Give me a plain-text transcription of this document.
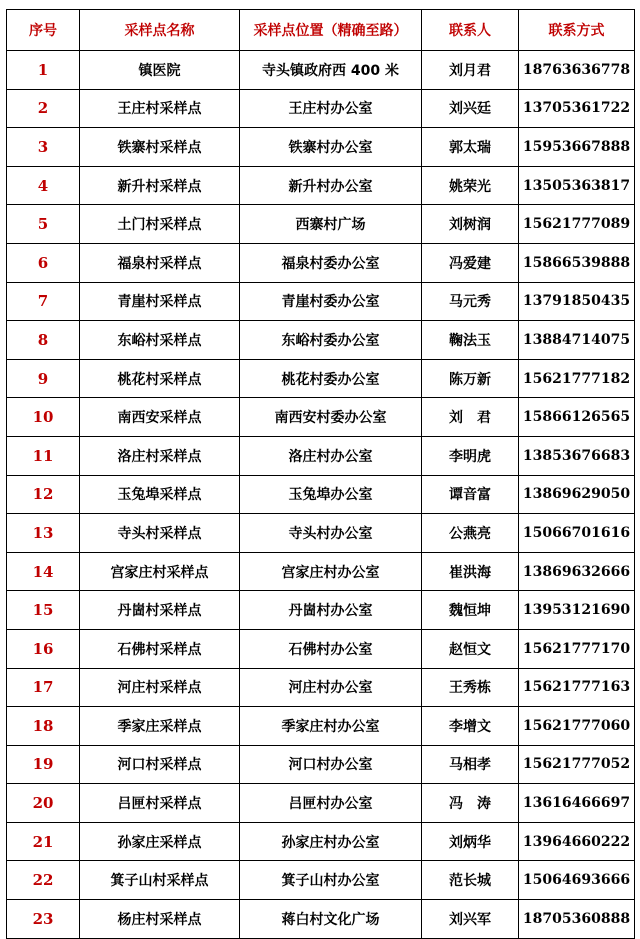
序号	采样点名称	采样点位置（精确至路）	联系人	联系方式
1	镇医院	寺头镇政府西 400 米	刘月君	18763636778
2	王庄村采样点	王庄村办公室	刘兴廷	13705361722
3	铁寨村采样点	铁寨村办公室	郭太瑞	15953667888
4	新升村采样点	新升村办公室	姚荣光	13505363817
5	土门村采样点	西寨村广场	刘树润	15621777089
6	福泉村采样点	福泉村委办公室	冯爱建	15866539888
7	青崖村采样点	青崖村委办公室	马元秀	13791850435
8	东峪村采样点	东峪村委办公室	鞠法玉	13884714075
9	桃花村采样点	桃花村委办公室	陈万新	15621777182
10	南西安采样点	南西安村委办公室	刘　君	15866126565
11	洛庄村采样点	洛庄村办公室	李明虎	13853676683
12	玉兔埠采样点	玉兔埠办公室	谭音富	13869629050
13	寺头村采样点	寺头村办公室	公燕亮	15066701616
14	宫家庄村采样点	宫家庄村办公室	崔洪海	13869632666
15	丹崮村采样点	丹崮村办公室	魏恒坤	13953121690
16	石佛村采样点	石佛村办公室	赵恒文	15621777170
17	河庄村采样点	河庄村办公室	王秀栋	15621777163
18	季家庄采样点	季家庄村办公室	李增文	15621777060
19	河口村采样点	河口村办公室	马相孝	15621777052
20	吕匣村采样点	吕匣村办公室	冯　涛	13616466697
21	孙家庄采样点	孙家庄村办公室	刘炳华	13964660222
22	箕子山村采样点	箕子山村办公室	范长城	15064693666
23	杨庄村采样点	蒋白村文化广场	刘兴军	18705360888
